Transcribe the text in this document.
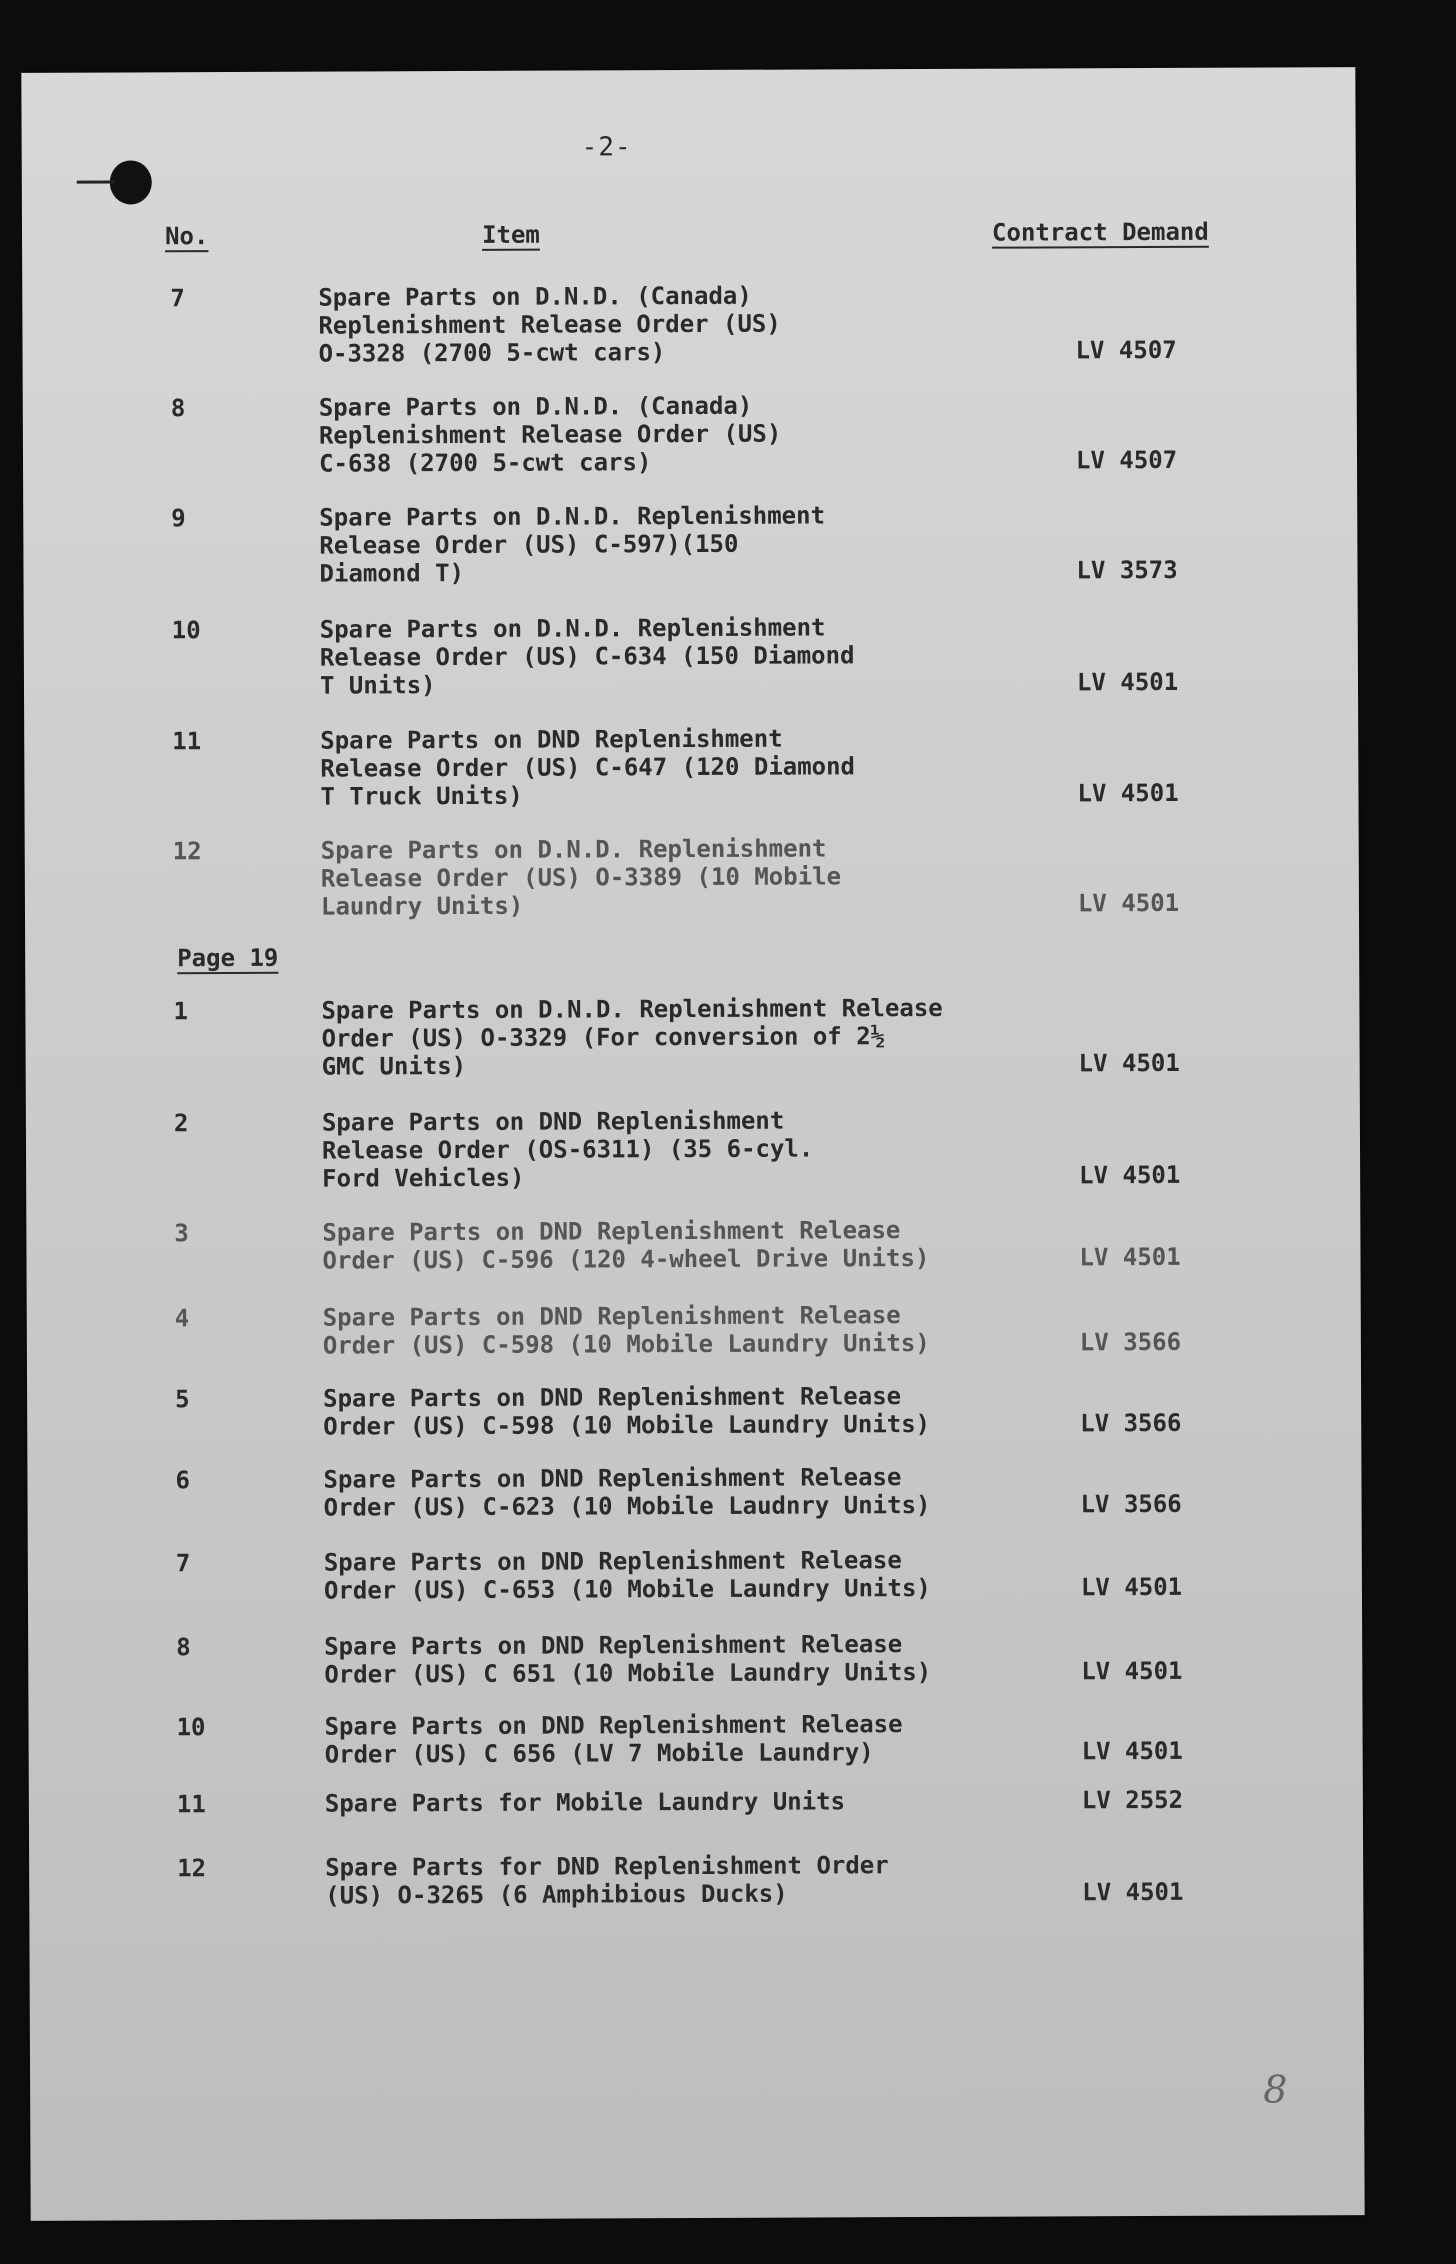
-2-
No.	Item	Contract Demand
7	Spare Parts on D.N.D. (Canada)
Replenishment Release Order (US)
O-3328 (2700 5-cwt cars)	LV 4507
8	Spare Parts on D.N.D. (Canada)
Replenishment Release Order (US)
C-638 (2700 5-cwt cars)	LV 4507
9	Spare Parts on D.N.D. Replenishment
Release Order (US) C-597)(150
Diamond T)	LV 3573
10	Spare Parts on D.N.D. Replenishment
Release Order (US) C-634 (150 Diamond
T Units)	LV 4501
11	Spare Parts on DND Replenishment
Release Order (US) C-647 (120 Diamond
T Truck Units)	LV 4501
12	Spare Parts on D.N.D. Replenishment
Release Order (US) O-3389 (10 Mobile
Laundry Units)	LV 4501
Page 19
1	Spare Parts on D.N.D. Replenishment Release
Order (US) O-3329 (For conversion of 2½
GMC Units)	LV 4501
2	Spare Parts on DND Replenishment
Release Order (OS-6311) (35 6-cyl.
Ford Vehicles)	LV 4501
3	Spare Parts on DND Replenishment Release
Order (US) C-596 (120 4-wheel Drive Units)	LV 4501
4	Spare Parts on DND Replenishment Release
Order (US) C-598 (10 Mobile Laundry Units)	LV 3566
5	Spare Parts on DND Replenishment Release
Order (US) C-598 (10 Mobile Laundry Units)	LV 3566
6	Spare Parts on DND Replenishment Release
Order (US) C-623 (10 Mobile Laudnry Units)	LV 3566
7	Spare Parts on DND Replenishment Release
Order (US) C-653 (10 Mobile Laundry Units)	LV 4501
8	Spare Parts on DND Replenishment Release
Order (US) C 651 (10 Mobile Laundry Units)	LV 4501
10	Spare Parts on DND Replenishment Release
Order (US) C 656 (LV 7 Mobile Laundry)	LV 4501
11	Spare Parts for Mobile Laundry Units	LV 2552
12	Spare Parts for DND Replenishment Order
(US) O-3265 (6 Amphibious Ducks)	LV 4501
8
